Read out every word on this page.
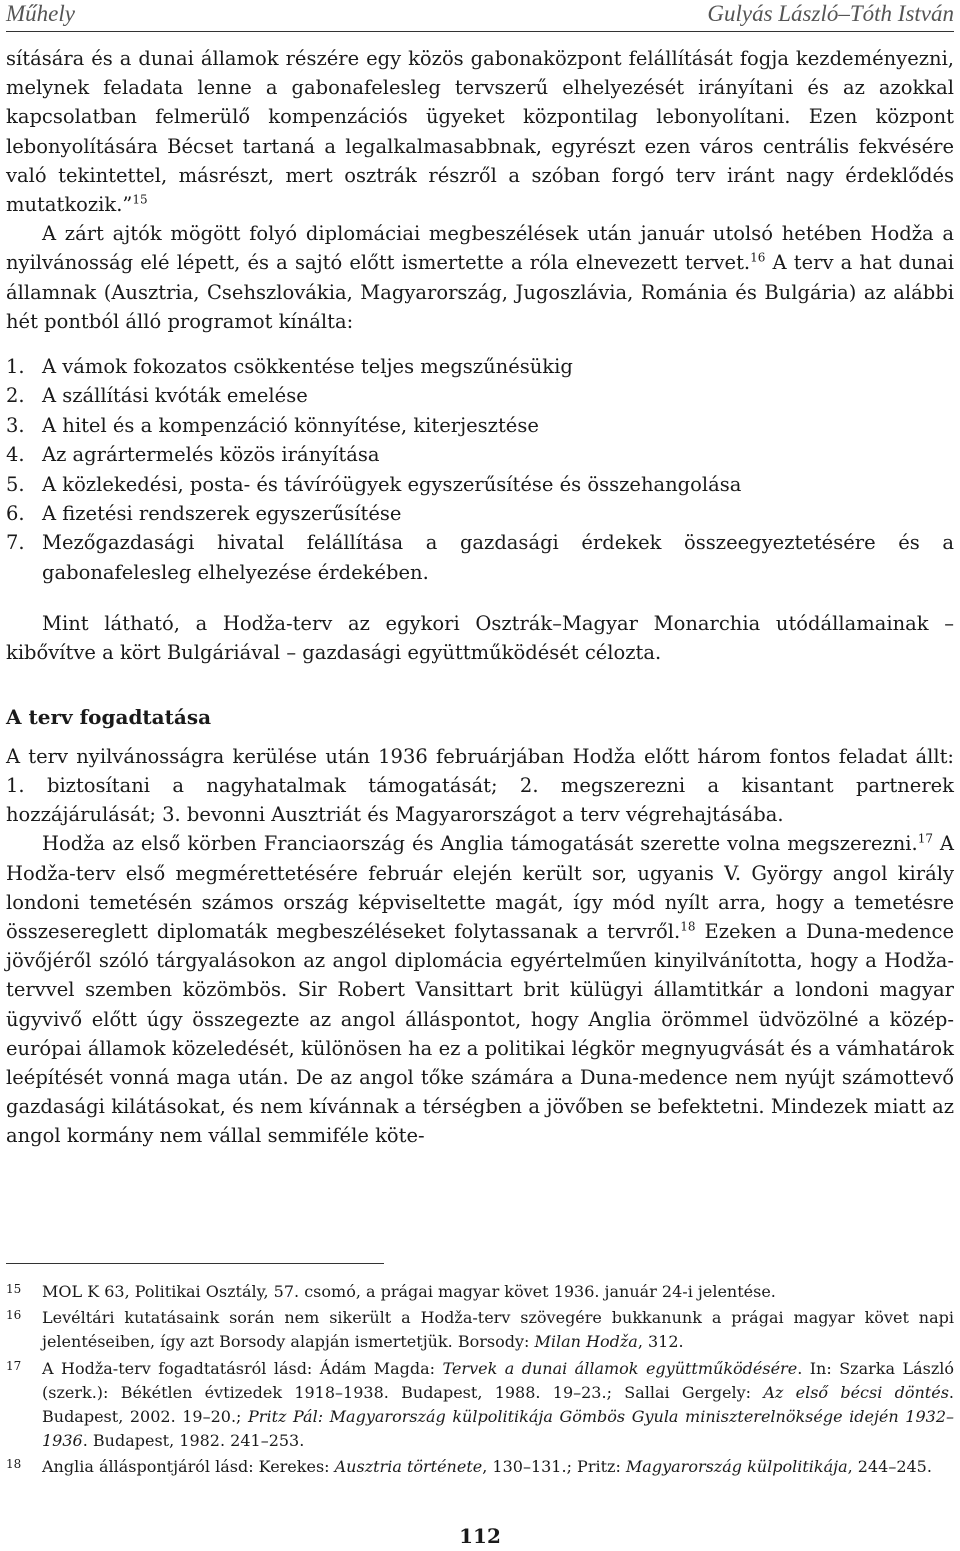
Műhely	Gulyás László–Tóth István

sítására és a dunai államok részére egy közös gabonaközpont felállítását fogja kezdeményezni, melynek feladata lenne a gabonafelesleg tervszerű elhelyezését irányítani és az azokkal kapcsolatban felmerülő kompenzációs ügyeket központilag lebonyolítani. Ezen központ lebonyolítására Bécset tartaná a legalkalmasabbnak, egyrészt ezen város centrális fekvésére való tekintettel, másrészt, mert osztrák részről a szóban forgó terv iránt nagy érdeklődés mutatkozik.”$^{15}$

A zárt ajtók mögött folyó diplomáciai megbeszélések után január utolsó hetében Hodža a nyilvánosság elé lépett, és a sajtó előtt ismertette a róla elnevezett tervet.$^{16}$ A terv a hat dunai államnak (Ausztria, Csehszlovákia, Magyarország, Jugoszlávia, Románia és Bulgária) az alábbi hét pontból álló programot kínálta:

1. A vámok fokozatos csökkentése teljes megszűnésükig
2. A szállítási kvóták emelése
3. A hitel és a kompenzáció könnyítése, kiterjesztése
4. Az agrártermelés közös irányítása
5. A közlekedési, posta- és távíróügyek egyszerűsítése és összehangolása
6. A fizetési rendszerek egyszerűsítése
7. Mezőgazdasági hivatal felállítása a gazdasági érdekek összeegyeztetésére és a gabonafelesleg elhelyezése érdekében.

Mint látható, a Hodža-terv az egykori Osztrák–Magyar Monarchia utódállamainak – kibővítve a kört Bulgáriával – gazdasági együttműködését célozta.

A terv fogadtatása

A terv nyilvánosságra kerülése után 1936 februárjában Hodža előtt három fontos feladat állt: 1. biztosítani a nagyhatalmak támogatását; 2. megszerezni a kisantant partnerek hozzájárulását; 3. bevonni Ausztriát és Magyarországot a terv végrehajtásába.

Hodža az első körben Franciaország és Anglia támogatását szerette volna megszerezni.$^{17}$ A Hodža-terv első megmérettetésére február elején került sor, ugyanis V. György angol király londoni temetésén számos ország képviseltette magát, így mód nyílt arra, hogy a temetésre összesereglett diplomaták megbeszéléseket folytassanak a tervről.$^{18}$ Ezeken a Duna-medence jövőjéről szóló tárgyalásokon az angol diplomácia egyértelműen kinyilvánította, hogy a Hodža-tervvel szemben közömbös. Sir Robert Vansittart brit külügyi államtitkár a londoni magyar ügyvivő előtt úgy összegezte az angol álláspontot, hogy Anglia örömmel üdvözölné a közép-európai államok közeledését, különösen ha ez a politikai légkör megnyugvását és a vámhatárok leépítését vonná maga után. De az angol tőke számára a Duna-medence nem nyújt számottevő gazdasági kilátásokat, és nem kívánnak a térségben a jövőben se befektetni. Mindezek miatt az angol kormány nem vállal semmiféle köte-

15	MOL K 63, Politikai Osztály, 57. csomó, a prágai magyar követ 1936. január 24-i jelentése.
16	Levéltári kutatásaink során nem sikerült a Hodža-terv szövegére bukkanunk a prágai magyar követ napi jelentéseiben, így azt Borsody alapján ismertetjük. Borsody: Milan Hodža, 312.
17	A Hodža-terv fogadtatásról lásd: Ádám Magda: Tervek a dunai államok együttműködésére. In: Szarka László (szerk.): Békétlen évtizedek 1918–1938. Budapest, 1988. 19–23.; Sallai Gergely: Az első bécsi döntés. Budapest, 2002. 19–20.; Pritz Pál: Magyarország külpolitikája Gömbös Gyula miniszterelnöksége idején 1932–1936. Budapest, 1982. 241–253.
18	Anglia álláspontjáról lásd: Kerekes: Ausztria története, 130–131.; Pritz: Magyarország külpolitikája, 244–245.
112
